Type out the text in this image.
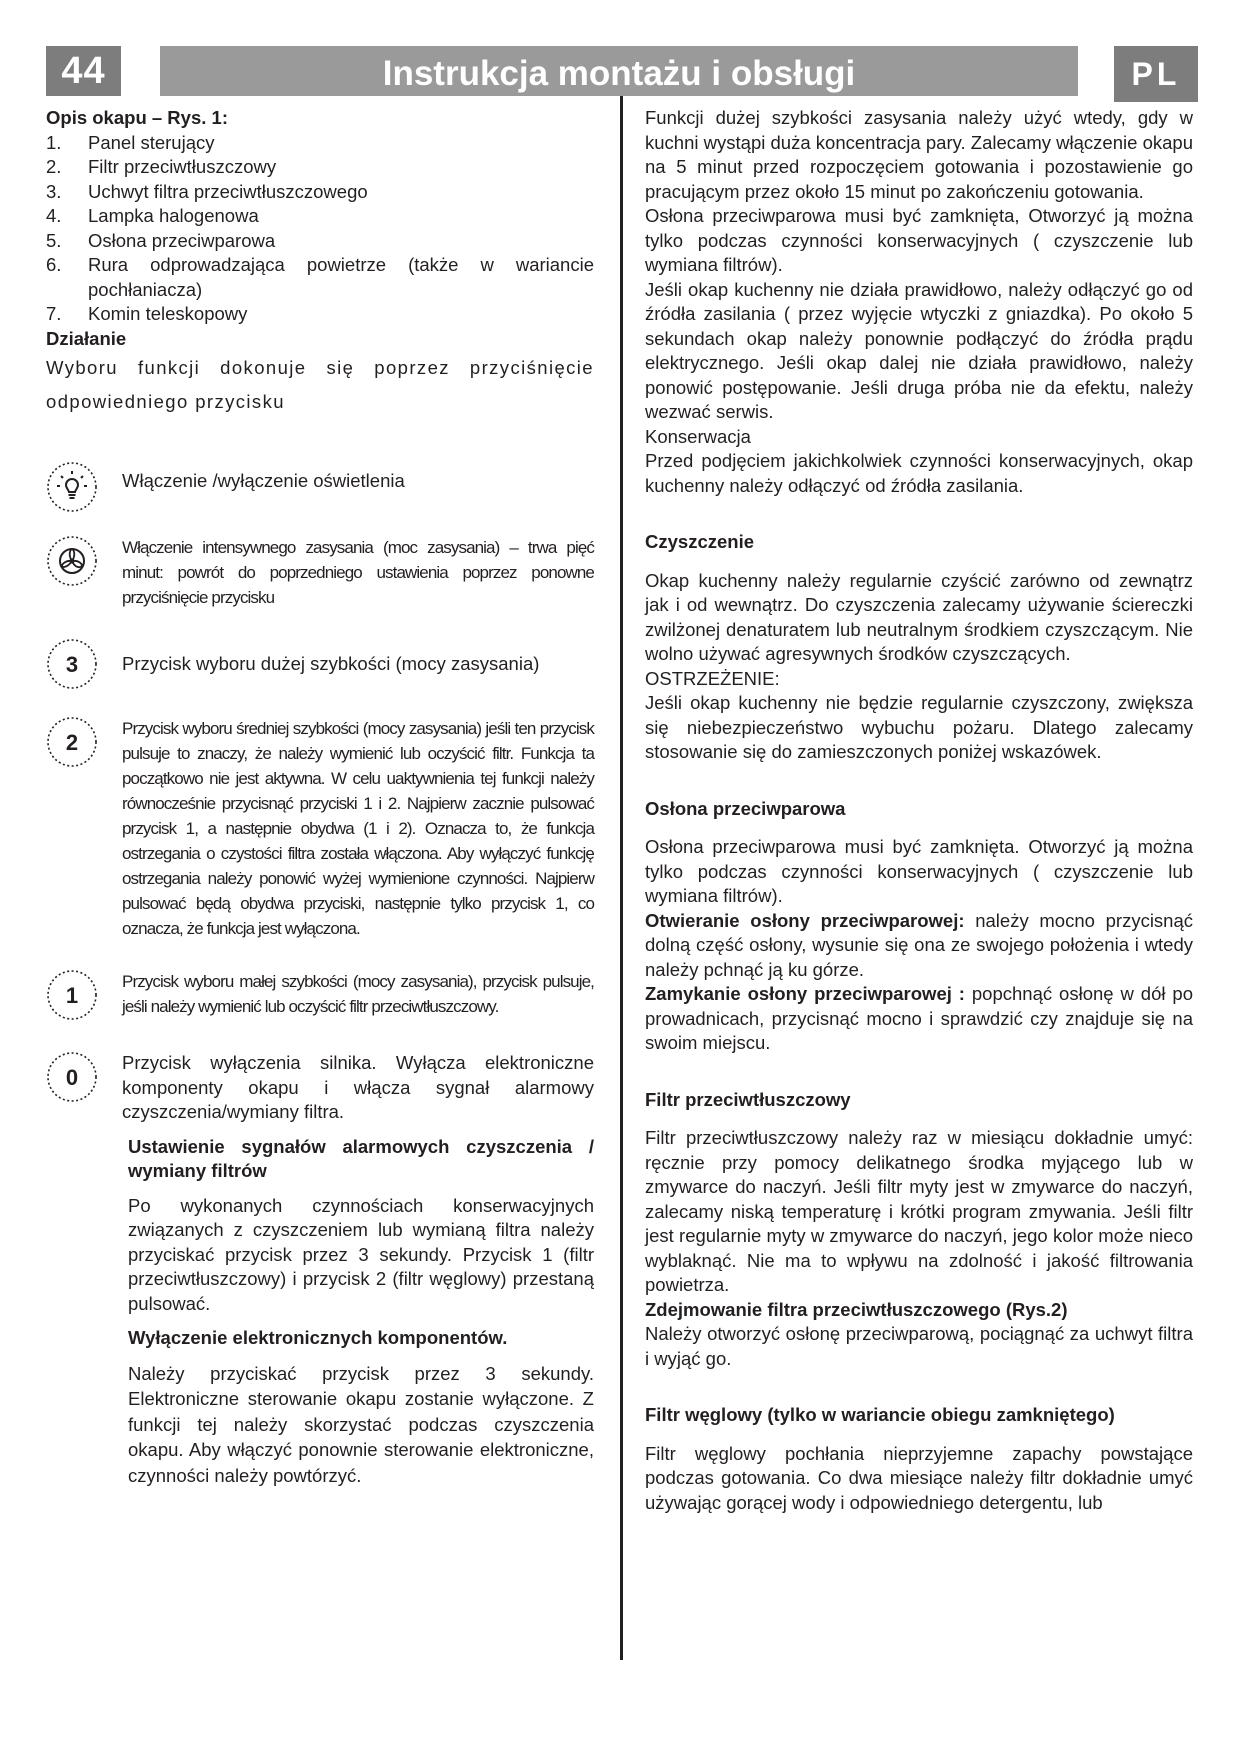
44	Instrukcja montażu i obsługi	PL

Opis okapu – Rys. 1:

1.	Panel sterujący
2.	Filtr przeciwtłuszczowy
3.	Uchwyt filtra przeciwtłuszczowego
4.	Lampka halogenowa
5.	Osłona przeciwparowa
6.	Rura odprowadzająca powietrze (także w wariancie pochłaniacza)
7.	Komin teleskopowy

Działanie

Wyboru funkcji dokonuje się poprzez przyciśnięcie odpowiedniego przycisku

Włączenie /wyłączenie oświetlenia

Włączenie intensywnego zasysania (moc zasysania) – trwa pięć minut: powrót do poprzedniego ustawienia poprzez ponowne przyciśnięcie przycisku

3 Przycisk wyboru dużej szybkości (mocy zasysania)

2

Przycisk wyboru średniej szybkości (mocy zasysania) jeśli ten przycisk pulsuje to znaczy, że należy wymienić lub oczyścić filtr. Funkcja ta początkowo nie jest aktywna. W celu uaktywnienia tej funkcji należy równocześnie przycisnąć przyciski 1 i 2. Najpierw zacznie pulsować przycisk 1, a następnie obydwa (1 i 2). Oznacza to, że funkcja ostrzegania o czystości filtra została włączona. Aby wyłączyć funkcję ostrzegania należy ponowić wyżej wymienione czynności. Najpierw pulsować będą obydwa przyciski, następnie tylko przycisk 1, co oznacza, że funkcja jest wyłączona.

1

Przycisk wyboru małej szybkości (mocy zasysania), przycisk pulsuje, jeśli należy wymienić lub oczyścić filtr przeciwtłuszczowy.

0

Przycisk wyłączenia silnika. Wyłącza elektroniczne komponenty okapu i włącza sygnał alarmowy czyszczenia/wymiany filtra.

Ustawienie sygnałów alarmowych czyszczenia / wymiany filtrów

Po wykonanych czynnościach konserwacyjnych związanych z czyszczeniem lub wymianą filtra należy przyciskać przycisk przez 3 sekundy. Przycisk 1 (filtr przeciwtłuszczowy) i przycisk 2 (filtr węglowy) przestaną pulsować.

Wyłączenie elektronicznych komponentów.

Należy przyciskać przycisk przez 3 sekundy. Elektroniczne sterowanie okapu zostanie wyłączone. Z funkcji tej należy skorzystać podczas czyszczenia okapu. Aby włączyć ponownie sterowanie elektroniczne, czynności należy powtórzyć.

Funkcji dużej szybkości zasysania należy użyć wtedy, gdy w kuchni wystąpi duża koncentracja pary. Zalecamy włączenie okapu na 5 minut przed rozpoczęciem gotowania i pozostawienie go pracującym przez około 15 minut po zakończeniu gotowania.

Osłona przeciwparowa musi być zamknięta, Otworzyć ją można tylko podczas czynności konserwacyjnych ( czyszczenie lub wymiana filtrów).

Jeśli okap kuchenny nie działa prawidłowo, należy odłączyć go od źródła zasilania ( przez wyjęcie wtyczki z gniazdka). Po około 5 sekundach okap należy ponownie podłączyć do źródła prądu elektrycznego. Jeśli okap dalej nie działa prawidłowo, należy ponowić postępowanie. Jeśli druga próba nie da efektu, należy wezwać serwis.

Konserwacja

Przed podjęciem jakichkolwiek czynności konserwacyjnych, okap kuchenny należy odłączyć od źródła zasilania.

Czyszczenie

Okap kuchenny należy regularnie czyścić zarówno od zewnątrz jak i od wewnątrz. Do czyszczenia zalecamy używanie ściereczki zwilżonej denaturatem lub neutralnym środkiem czyszczącym. Nie wolno używać agresywnych środków czyszczących.

OSTRZEŻENIE:

Jeśli okap kuchenny nie będzie regularnie czyszczony, zwiększa się niebezpieczeństwo wybuchu pożaru. Dlatego zalecamy stosowanie się do zamieszczonych poniżej wskazówek.

Osłona przeciwparowa

Osłona przeciwparowa musi być zamknięta. Otworzyć ją można tylko podczas czynności konserwacyjnych ( czyszczenie lub wymiana filtrów).

Otwieranie osłony przeciwparowej: należy mocno przycisnąć dolną część osłony, wysunie się ona ze swojego położenia i wtedy należy pchnąć ją ku górze.

Zamykanie osłony przeciwparowej : popchnąć osłonę w dół po prowadnicach, przycisnąć mocno i sprawdzić czy znajduje się na swoim miejscu.

Filtr przeciwtłuszczowy

Filtr przeciwtłuszczowy należy raz w miesiącu dokładnie umyć: ręcznie przy pomocy delikatnego środka myjącego lub w zmywarce do naczyń. Jeśli filtr myty jest w zmywarce do naczyń, zalecamy niską temperaturę i krótki program zmywania. Jeśli filtr jest regularnie myty w zmywarce do naczyń, jego kolor może nieco wyblaknąć. Nie ma to wpływu na zdolność i jakość filtrowania powietrza.

Zdejmowanie filtra przeciwtłuszczowego (Rys.2)

Należy otworzyć osłonę przeciwparową, pociągnąć za uchwyt filtra i wyjąć go.

Filtr węglowy (tylko w wariancie obiegu zamkniętego)

Filtr węglowy pochłania nieprzyjemne zapachy powstające podczas gotowania. Co dwa miesiące należy filtr dokładnie umyć używając gorącej wody i odpowiedniego detergentu, lub
